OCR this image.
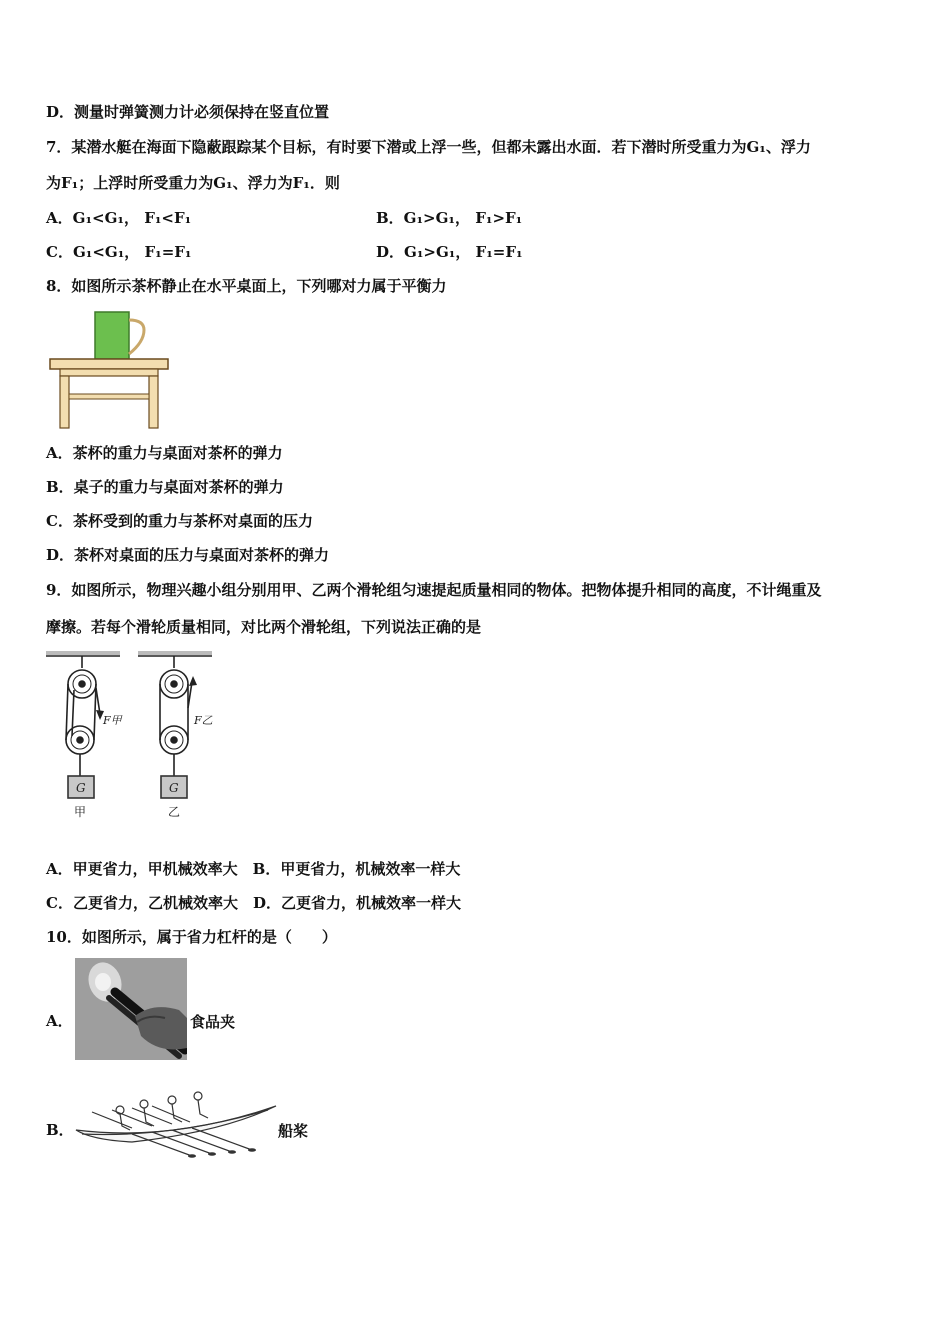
D．测量时弹簧测力计必须保持在竖直位置
7．某潜水艇在海面下隐蔽跟踪某个目标，有时要下潜或上浮一些，但都未露出水面．若下潜时所受重力为G₁、浮力
为F₁；上浮时所受重力为G₁、浮力为F₁．则
A．G₁<G₁， F₁<F₁	B．G₁>G₁， F₁>F₁
C．G₁<G₁， F₁=F₁	D．G₁>G₁， F₁=F₁
8．如图所示茶杯静止在水平桌面上，下列哪对力属于平衡力
A．茶杯的重力与桌面对茶杯的弹力
B．桌子的重力与桌面对茶杯的弹力
C．茶杯受到的重力与茶杯对桌面的压力
D．茶杯对桌面的压力与桌面对茶杯的弹力
9．如图所示，物理兴趣小组分别用甲、乙两个滑轮组匀速提起质量相同的物体。把物体提升相同的高度，不计绳重及
摩擦。若每个滑轮质量相同，对比两个滑轮组，下列说法正确的是
F甲	F乙
G	G
甲	乙
A．甲更省力，甲机械效率大　B．甲更省力，机械效率一样大
C．乙更省力，乙机械效率大　D．乙更省力，机械效率一样大
10．如图所示，属于省力杠杆的是（　　）
A．	食品夹
B．	船桨
